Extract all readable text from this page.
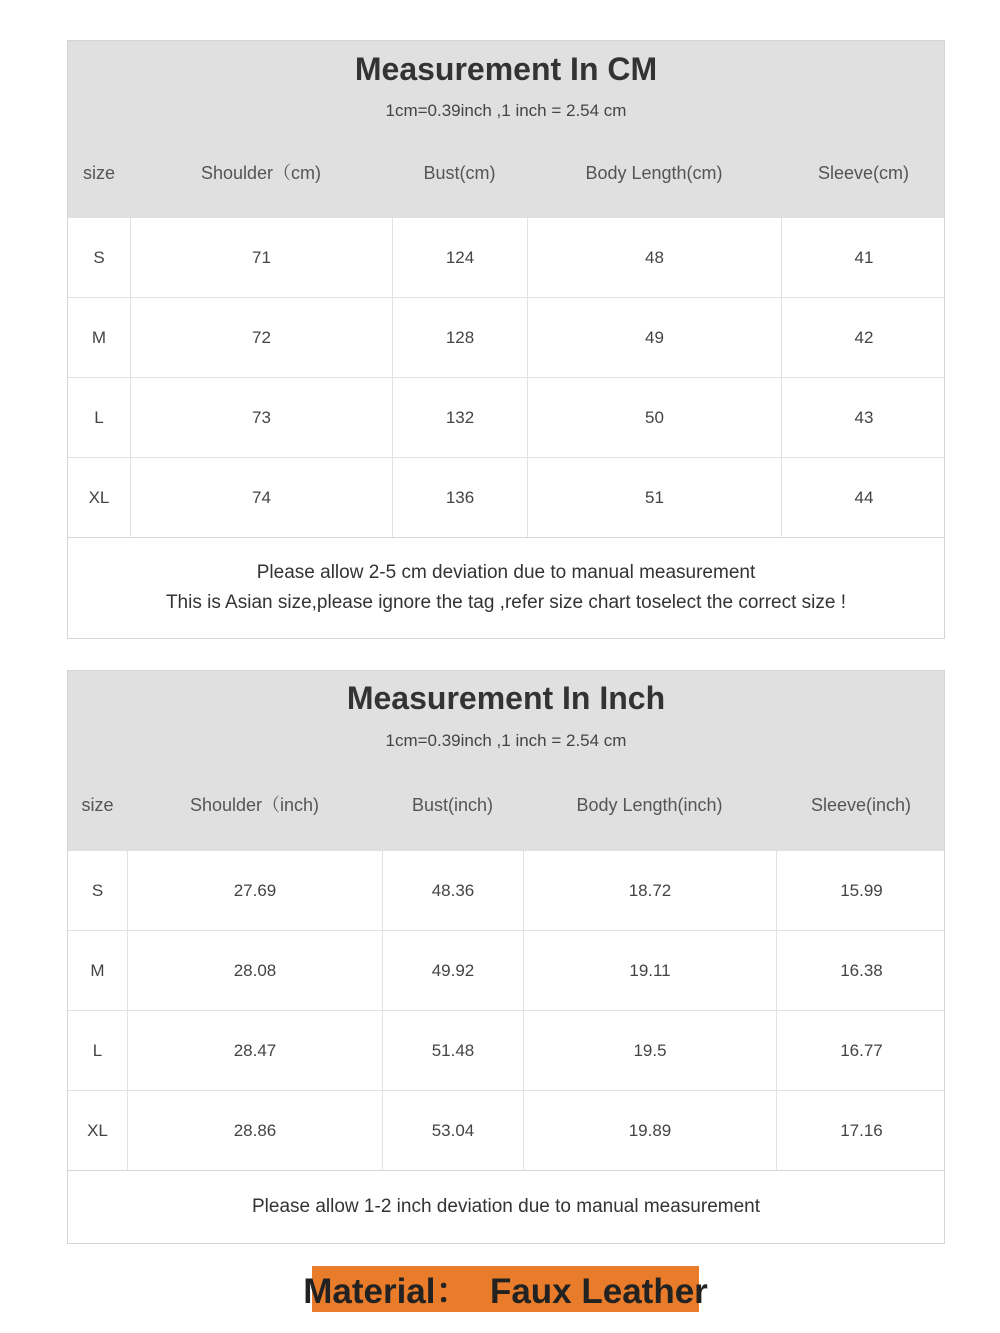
Measurement In CM
1cm=0.39inch ,1 inch = 2.54 cm
size	Shoulder（cm)	Bust(cm)	Body Length(cm)	Sleeve(cm)
S	71	124	48	41
M	72	128	49	42
L	73	132	50	43
XL	74	136	51	44
Please allow 2-5 cm deviation due to manual measurement
This is Asian size,please ignore the tag ,refer size chart toselect the correct size !
Measurement In Inch
1cm=0.39inch ,1 inch = 2.54 cm
size	Shoulder（inch)	Bust(inch)	Body Length(inch)	Sleeve(inch)
S	27.69	48.36	18.72	15.99
M	28.08	49.92	19.11	16.38
L	28.47	51.48	19.5	16.77
XL	28.86	53.04	19.89	17.16
Please allow 1-2 inch deviation due to manual measurement
Material：  Faux Leather
